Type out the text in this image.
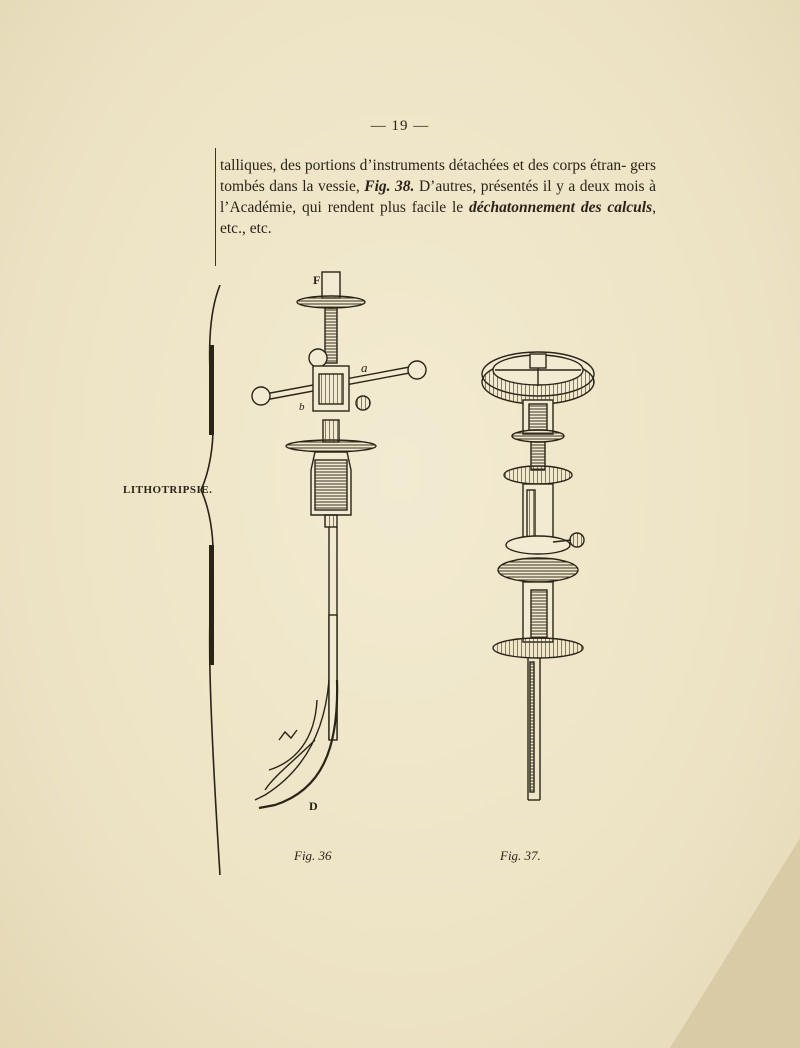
— 19 —
talliques, des portions d’instruments détachées et des corps étran- gers tombés dans la vessie, Fig. 38. D’autres, présentés il y a deux mois à l’Académie, qui rendent plus facile le déchatonnement des calculs, etc., etc.
LITHOTRIPSIE.
F
a
b
D
Fig. 36	Fig. 37.
